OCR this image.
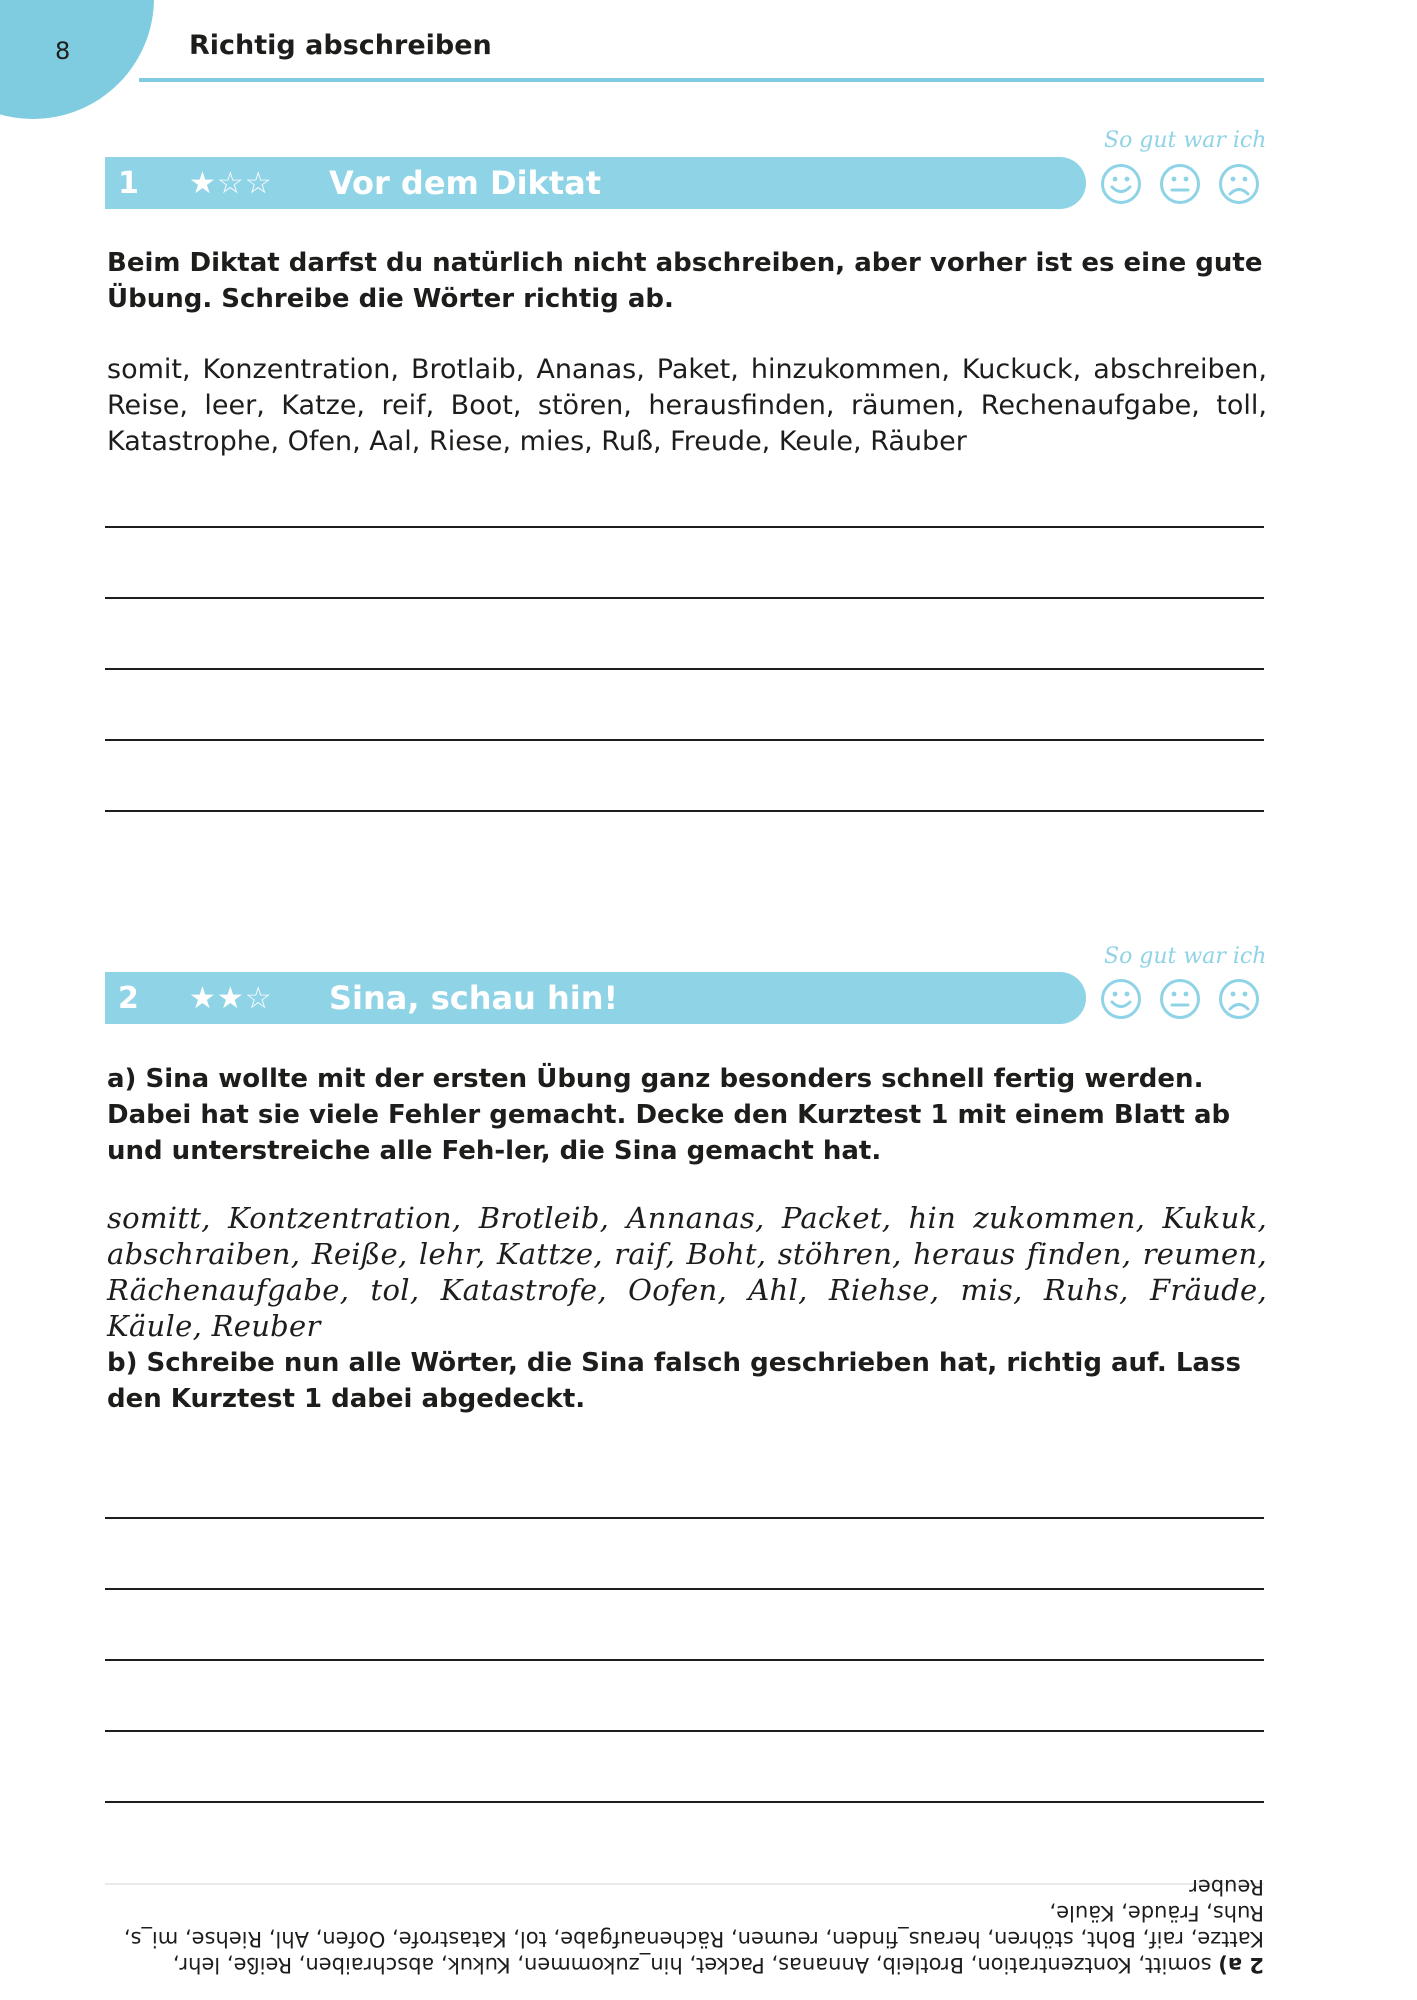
8	Richtig abschreiben
So gut war ich
1 ★☆☆ Vor dem Diktat

Beim Diktat darfst du natürlich nicht abschreiben, aber vorher ist es eine gute Übung. Schreibe die Wörter richtig ab.

somit, Konzentration, Brotlaib, Ananas, Paket, hinzukommen, Kuckuck, abschreiben, Reise, leer, Katze, reif, Boot, stören, herausfinden, räumen, Rechenaufgabe, toll, Katastrophe, Ofen, Aal, Riese, mies, Ruß, Freude, Keule, Räuber

So gut war ich
2 ★★☆ Sina, schau hin!

a) Sina wollte mit der ersten Übung ganz besonders schnell fertig werden. Dabei hat sie viele Fehler gemacht. Decke den Kurztest 1 mit einem Blatt ab und unterstreiche alle Feh-ler, die Sina gemacht hat.

somitt, Kontzentration, Brotleib, Annanas, Packet, hin zukommen, Kukuk, abschraiben, Reiße, lehr, Kattze, raif, Boht, stöhren, heraus finden, reumen, Rächenaufgabe, tol, Katastrofe, Oofen, Ahl, Riehse, mis, Ruhs, Fräude, Käule, Reuber

b) Schreibe nun alle Wörter, die Sina falsch geschrieben hat, richtig auf. Lass den Kurztest 1 dabei abgedeckt.

2 a) somitt, Kontzentration, Brotleib, Annanas, Packet, hin_zukommen, Kukuk, abschraiben, Reiße, lehr, Kattze, raif, Boht, stöhren, heraus_finden, reumen, Rächenaufgabe, tol, Katastrofe, Oofen, Ahl, Riehse, mi_s, Ruhs, Fräude, Käule,

Reuber
